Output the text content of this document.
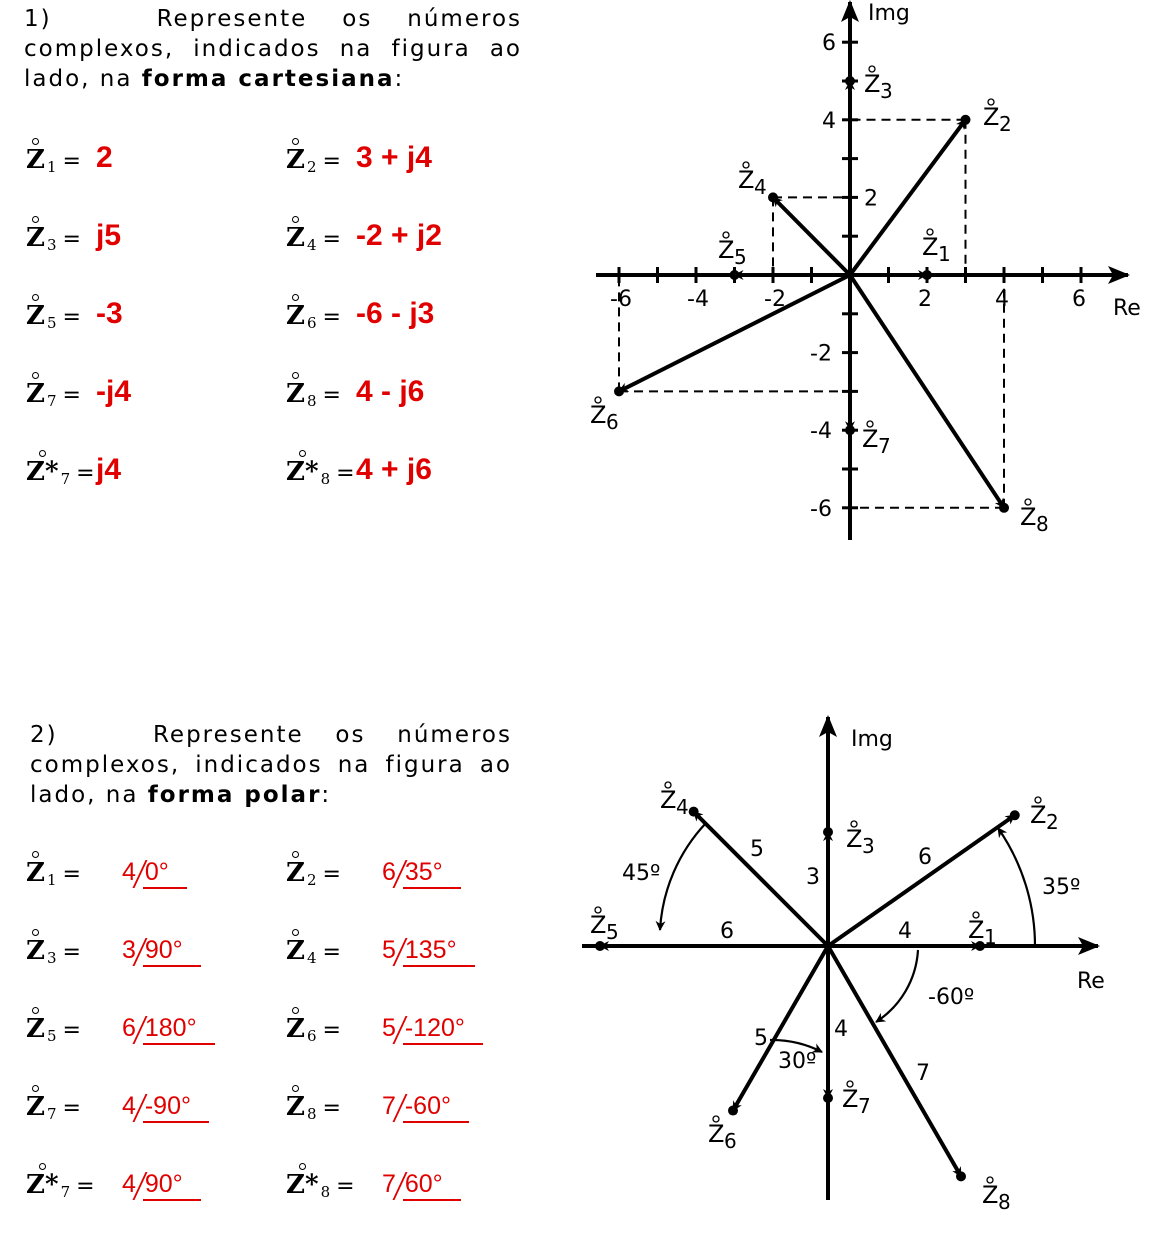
1)	Represente os números complexos, indicados na figura ao lado, na forma cartesiana:
Z 1 = 2	Z 2 = 3 + j4
Z 3 = j5	Z 4 = -2 + j2
Z 5 = -3	Z 6 = -6 - j3
Z 7 = -j4	Z 8 = 4 - j6
Z* 7 = j4	Z* 8 = 4 + j6
Re
Img
-6	-4	-2	2	4	6
6
4
2
-2
-4
-6
Z 1
Z 2
Z 3
Z 4
Z 5
Z 6
Z 7
Z 8
2)	Represente os números complexos, indicados na figura ao lado, na forma polar:
Z 1 = 4 0°	Z 2 = 6 35°
Z 3 = 3 90°	Z 4 = 5 135°
Z 5 = 6 180°	Z 6 = 5 -120°
Z 7 = 4 -90°	Z 8 = 7 -60°
Z* 7 = 4 90°	Z* 8 = 7 60°
Re
Img
Z 1
4
Z 2
6
Z 3
3
Z 4
5
Z 5	6
Z 6
5
Z 7
4
Z 8
7
45º
35º
-60º
30º
